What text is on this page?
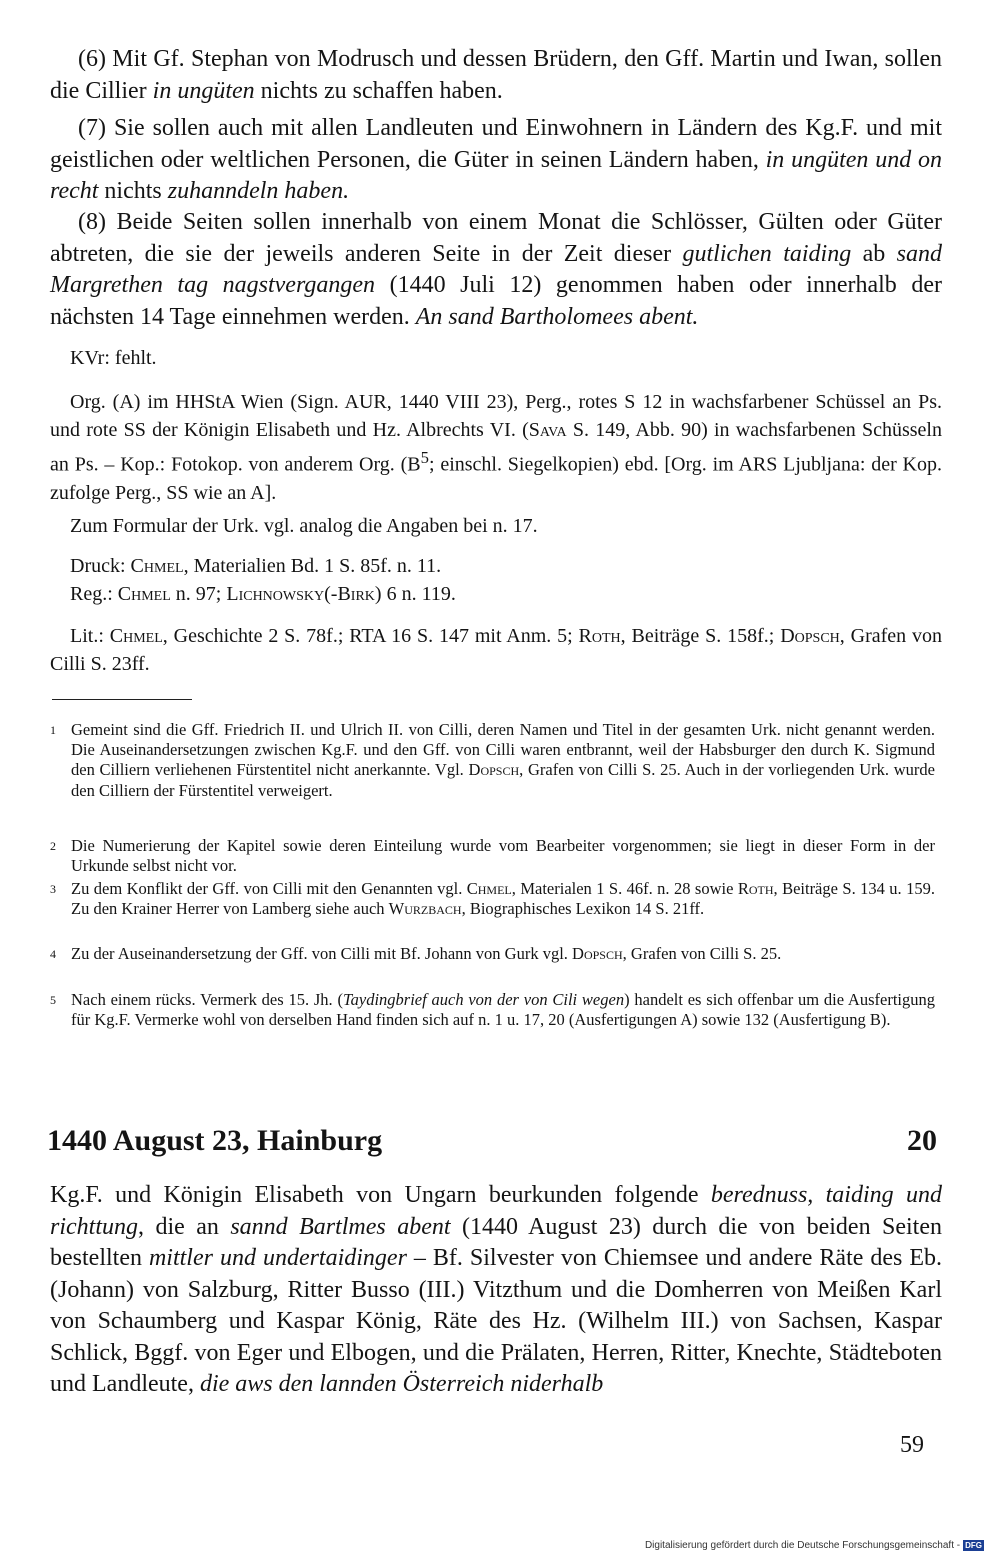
(6) Mit Gf. Stephan von Modrusch und dessen Brüdern, den Gff. Martin und Iwan, sollen die Cillier in ungüten nichts zu schaffen haben.

(7) Sie sollen auch mit allen Landleuten und Einwohnern in Ländern des Kg.F. und mit geistlichen oder weltlichen Personen, die Güter in seinen Ländern haben, in ungüten und on recht nichts zuhanndeln haben.

(8) Beide Seiten sollen innerhalb von einem Monat die Schlösser, Gülten oder Güter abtreten, die sie der jeweils anderen Seite in der Zeit dieser gutlichen taiding ab sand Margrethen tag nagstvergangen (1440 Juli 12) genommen haben oder innerhalb der nächsten 14 Tage einnehmen werden. An sand Bartholomees abent.

KVr: fehlt.

Org. (A) im HHStA Wien (Sign. AUR, 1440 VIII 23), Perg., rotes S 12 in wachsfarbener Schüssel an Ps. und rote SS der Königin Elisabeth und Hz. Albrechts VI. (Sava S. 149, Abb. 90) in wachsfarbenen Schüsseln an Ps. – Kop.: Fotokop. von anderem Org. ($B^5$; einschl. Siegelkopien) ebd. [Org. im ARS Ljubljana: der Kop. zufolge Perg., SS wie an A].

Zum Formular der Urk. vgl. analog die Angaben bei n. 17.

Druck: Chmel, Materialien Bd. 1 S. 85f. n. 11.
Reg.: Chmel n. 97; Lichnowsky(-Birk) 6 n. 119.

Lit.: Chmel, Geschichte 2 S. 78f.; RTA 16 S. 147 mit Anm. 5; Roth, Beiträge S. 158f.; Dopsch, Grafen von Cilli S. 23ff.

1 Gemeint sind die Gff. Friedrich II. und Ulrich II. von Cilli, deren Namen und Titel in der gesamten Urk. nicht genannt werden. Die Auseinandersetzungen zwischen Kg.F. und den Gff. von Cilli waren entbrannt, weil der Habsburger den durch K. Sigmund den Cilliern verliehenen Fürstentitel nicht anerkannte. Vgl. Dopsch, Grafen von Cilli S. 25. Auch in der vorliegenden Urk. wurde den Cilliern der Fürstentitel verweigert.
2 Die Numerierung der Kapitel sowie deren Einteilung wurde vom Bearbeiter vorgenommen; sie liegt in dieser Form in der Urkunde selbst nicht vor.
3 Zu dem Konflikt der Gff. von Cilli mit den Genannten vgl. Chmel, Materialen 1 S. 46f. n. 28 sowie Roth, Beiträge S. 134 u. 159. Zu den Krainer Herrer von Lamberg siehe auch Wurzbach, Biographisches Lexikon 14 S. 21ff.
4 Zu der Auseinandersetzung der Gff. von Cilli mit Bf. Johann von Gurk vgl. Dopsch, Grafen von Cilli S. 25.
5 Nach einem rücks. Vermerk des 15. Jh. (Taydingbrief auch von der von Cili wegen) handelt es sich offenbar um die Ausfertigung für Kg.F. Vermerke wohl von derselben Hand finden sich auf n. 1 u. 17, 20 (Ausfertigungen A) sowie 132 (Ausfertigung B).
1440 August 23, Hainburg	20

Kg.F. und Königin Elisabeth von Ungarn beurkunden folgende berednuss, taiding und richttung, die an sannd Bartlmes abent (1440 August 23) durch die von beiden Seiten bestellten mittler und undertaidinger – Bf. Silvester von Chiemsee und andere Räte des Eb. (Johann) von Salzburg, Ritter Busso (III.) Vitzthum und die Domherren von Meißen Karl von Schaumberg und Kaspar König, Räte des Hz. (Wilhelm III.) von Sachsen, Kaspar Schlick, Bggf. von Eger und Elbogen, und die Prälaten, Herren, Ritter, Knechte, Städteboten und Landleute, die aws den lannden Österreich niderhalb

59
Digitalisierung gefördert durch die Deutsche Forschungsgemeinschaft - DFG
